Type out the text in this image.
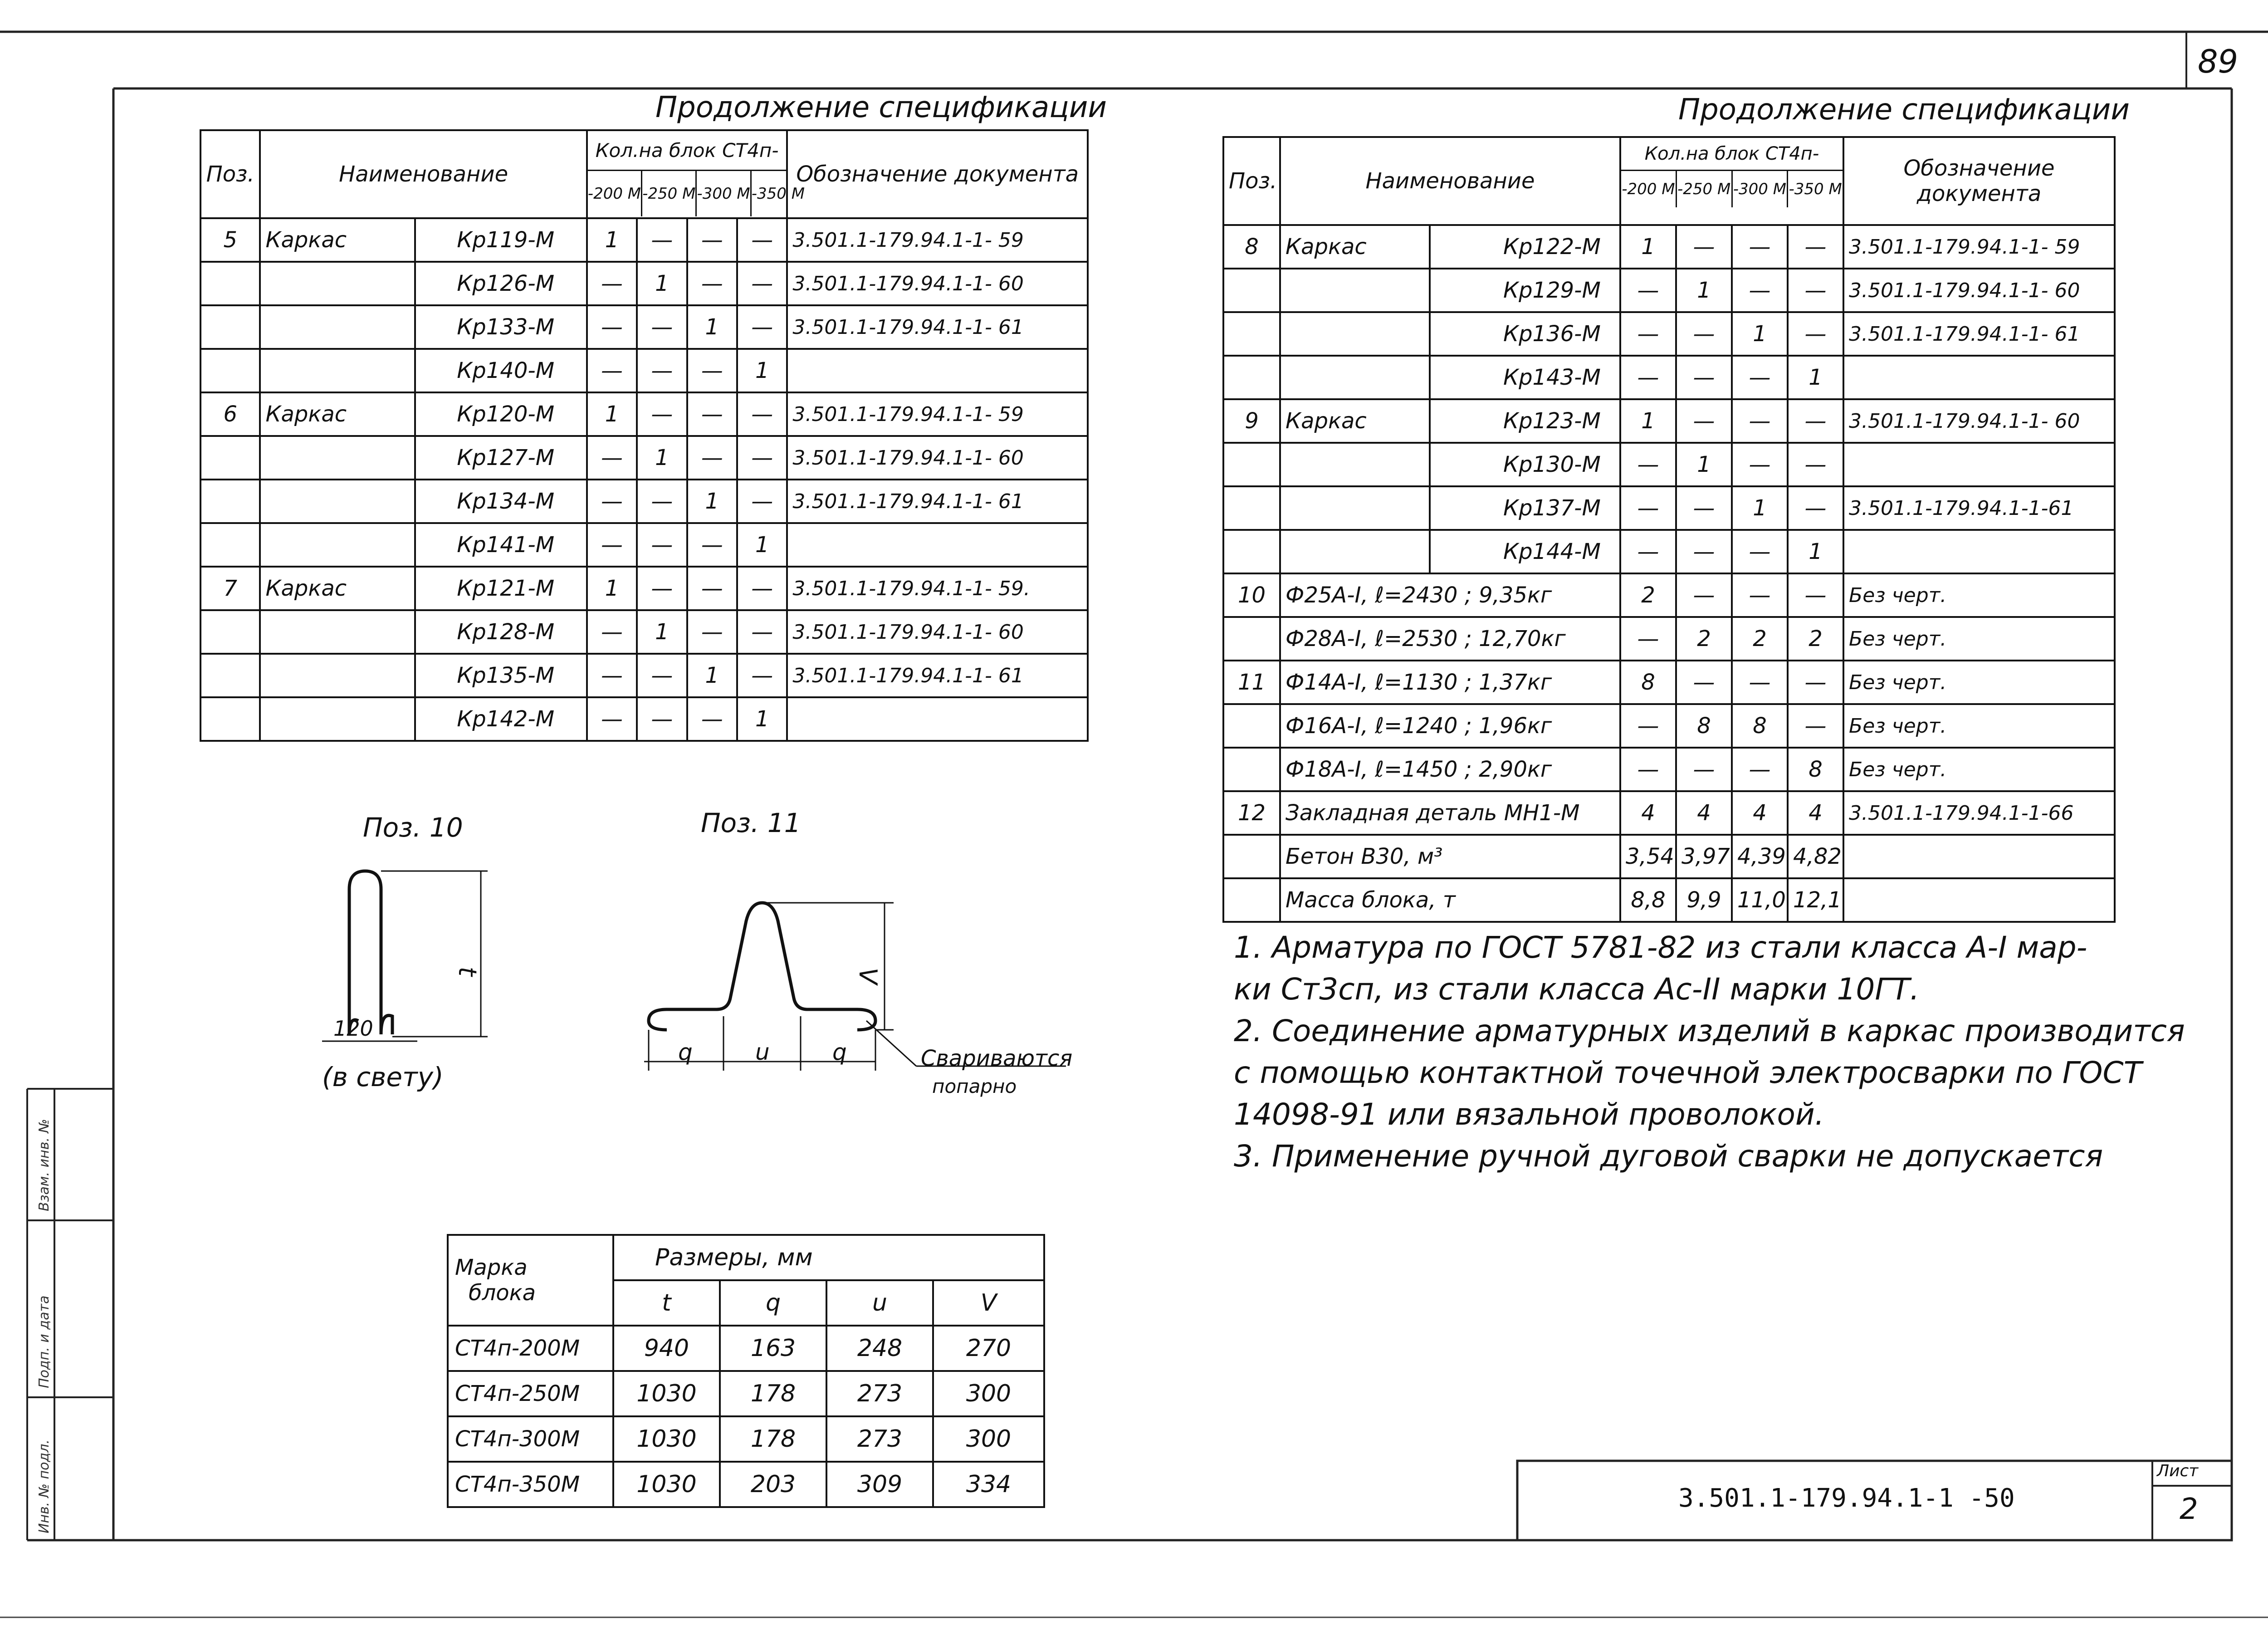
89
Взам. инв. №
Подп. и дата
Инв. № подл.	3.501.1-179.94.1-1 -50
Лист
2
Продолжение спецификации
Поз.	Наименование		Кол.на блок СТ4п-
-200 М -250 М -300 М -350 М				Обозначение документа
5	Каркас	Кр119-М	1	—	—	—	3.501.1-179.94.1-1- 59
		Кр126-М	—	1	—	—	3.501.1-179.94.1-1- 60
		Кр133-М	—	—	1	—	3.501.1-179.94.1-1- 61
		Кр140-М	—	—	—	1	
6	Каркас	Кр120-М	1	—	—	—	3.501.1-179.94.1-1- 59
		Кр127-М	—	1	—	—	3.501.1-179.94.1-1- 60
		Кр134-М	—	—	1	—	3.501.1-179.94.1-1- 61
		Кр141-М	—	—	—	1	
7	Каркас	Кр121-М	1	—	—	—	3.501.1-179.94.1-1- 59.
		Кр128-М	—	1	—	—	3.501.1-179.94.1-1- 60
		Кр135-М	—	—	1	—	3.501.1-179.94.1-1- 61
		Кр142-М	—	—	—	1	
Продолжение спецификации
Поз.	Наименование		Кол.на блок СТ4п-
-200 М -250 М -300 М -350 М				Обозначение документа
8	Каркас	Кр122-М	1	—	—	—	3.501.1-179.94.1-1- 59
		Кр129-М	—	1	—	—	3.501.1-179.94.1-1- 60
		Кр136-М	—	—	1	—	3.501.1-179.94.1-1- 61
		Кр143-М	—	—	—	1	
9	Каркас	Кр123-М	1	—	—	—	3.501.1-179.94.1-1- 60
		Кр130-М	—	1	—	—	
		Кр137-М	—	—	1	—	3.501.1-179.94.1-1-61
		Кр144-М	—	—	—	1	
10	Ф25А-I, ℓ=2430 ; 9,35кг		2	—	—	—	Без черт.
	Ф28А-I, ℓ=2530 ; 12,70кг		—	2	2	2	Без черт.
11	Ф14А-I, ℓ=1130 ; 1,37кг		8	—	—	—	Без черт.
	Ф16А-I, ℓ=1240 ; 1,96кг		—	8	8	—	Без черт.
	Ф18А-I, ℓ=1450 ; 2,90кг		—	—	—	8	Без черт.
12	Закладная деталь МН1-М		4	4	4	4	3.501.1-179.94.1-1-66
	Бетон В30, м³		3,54	3,97	4,39	4,82	
	Масса блока, т		8,8	9,9	11,0	12,1	
1. Арматура по ГОСТ 5781-82 из стали класса А-I мар-
ки Ст3сп, из стали класса Ас-II марки 10ГТ.
2. Соединение арматурных изделий в каркас производится
с помощью контактной точечной электросварки по ГОСТ
14098-91 или вязальной проволокой.
3. Применение ручной дуговой сварки не допускается
Поз. 10
t
120
(в свету)
Поз. 11
V
q	u	q	Свариваются
попарно
Марка
блока	Размеры, мм			
	t	q	u	V
СТ4п-200М	940	163	248	270
СТ4п-250М	1030	178	273	300
СТ4п-300М	1030	178	273	300
СТ4п-350М	1030	203	309	334
